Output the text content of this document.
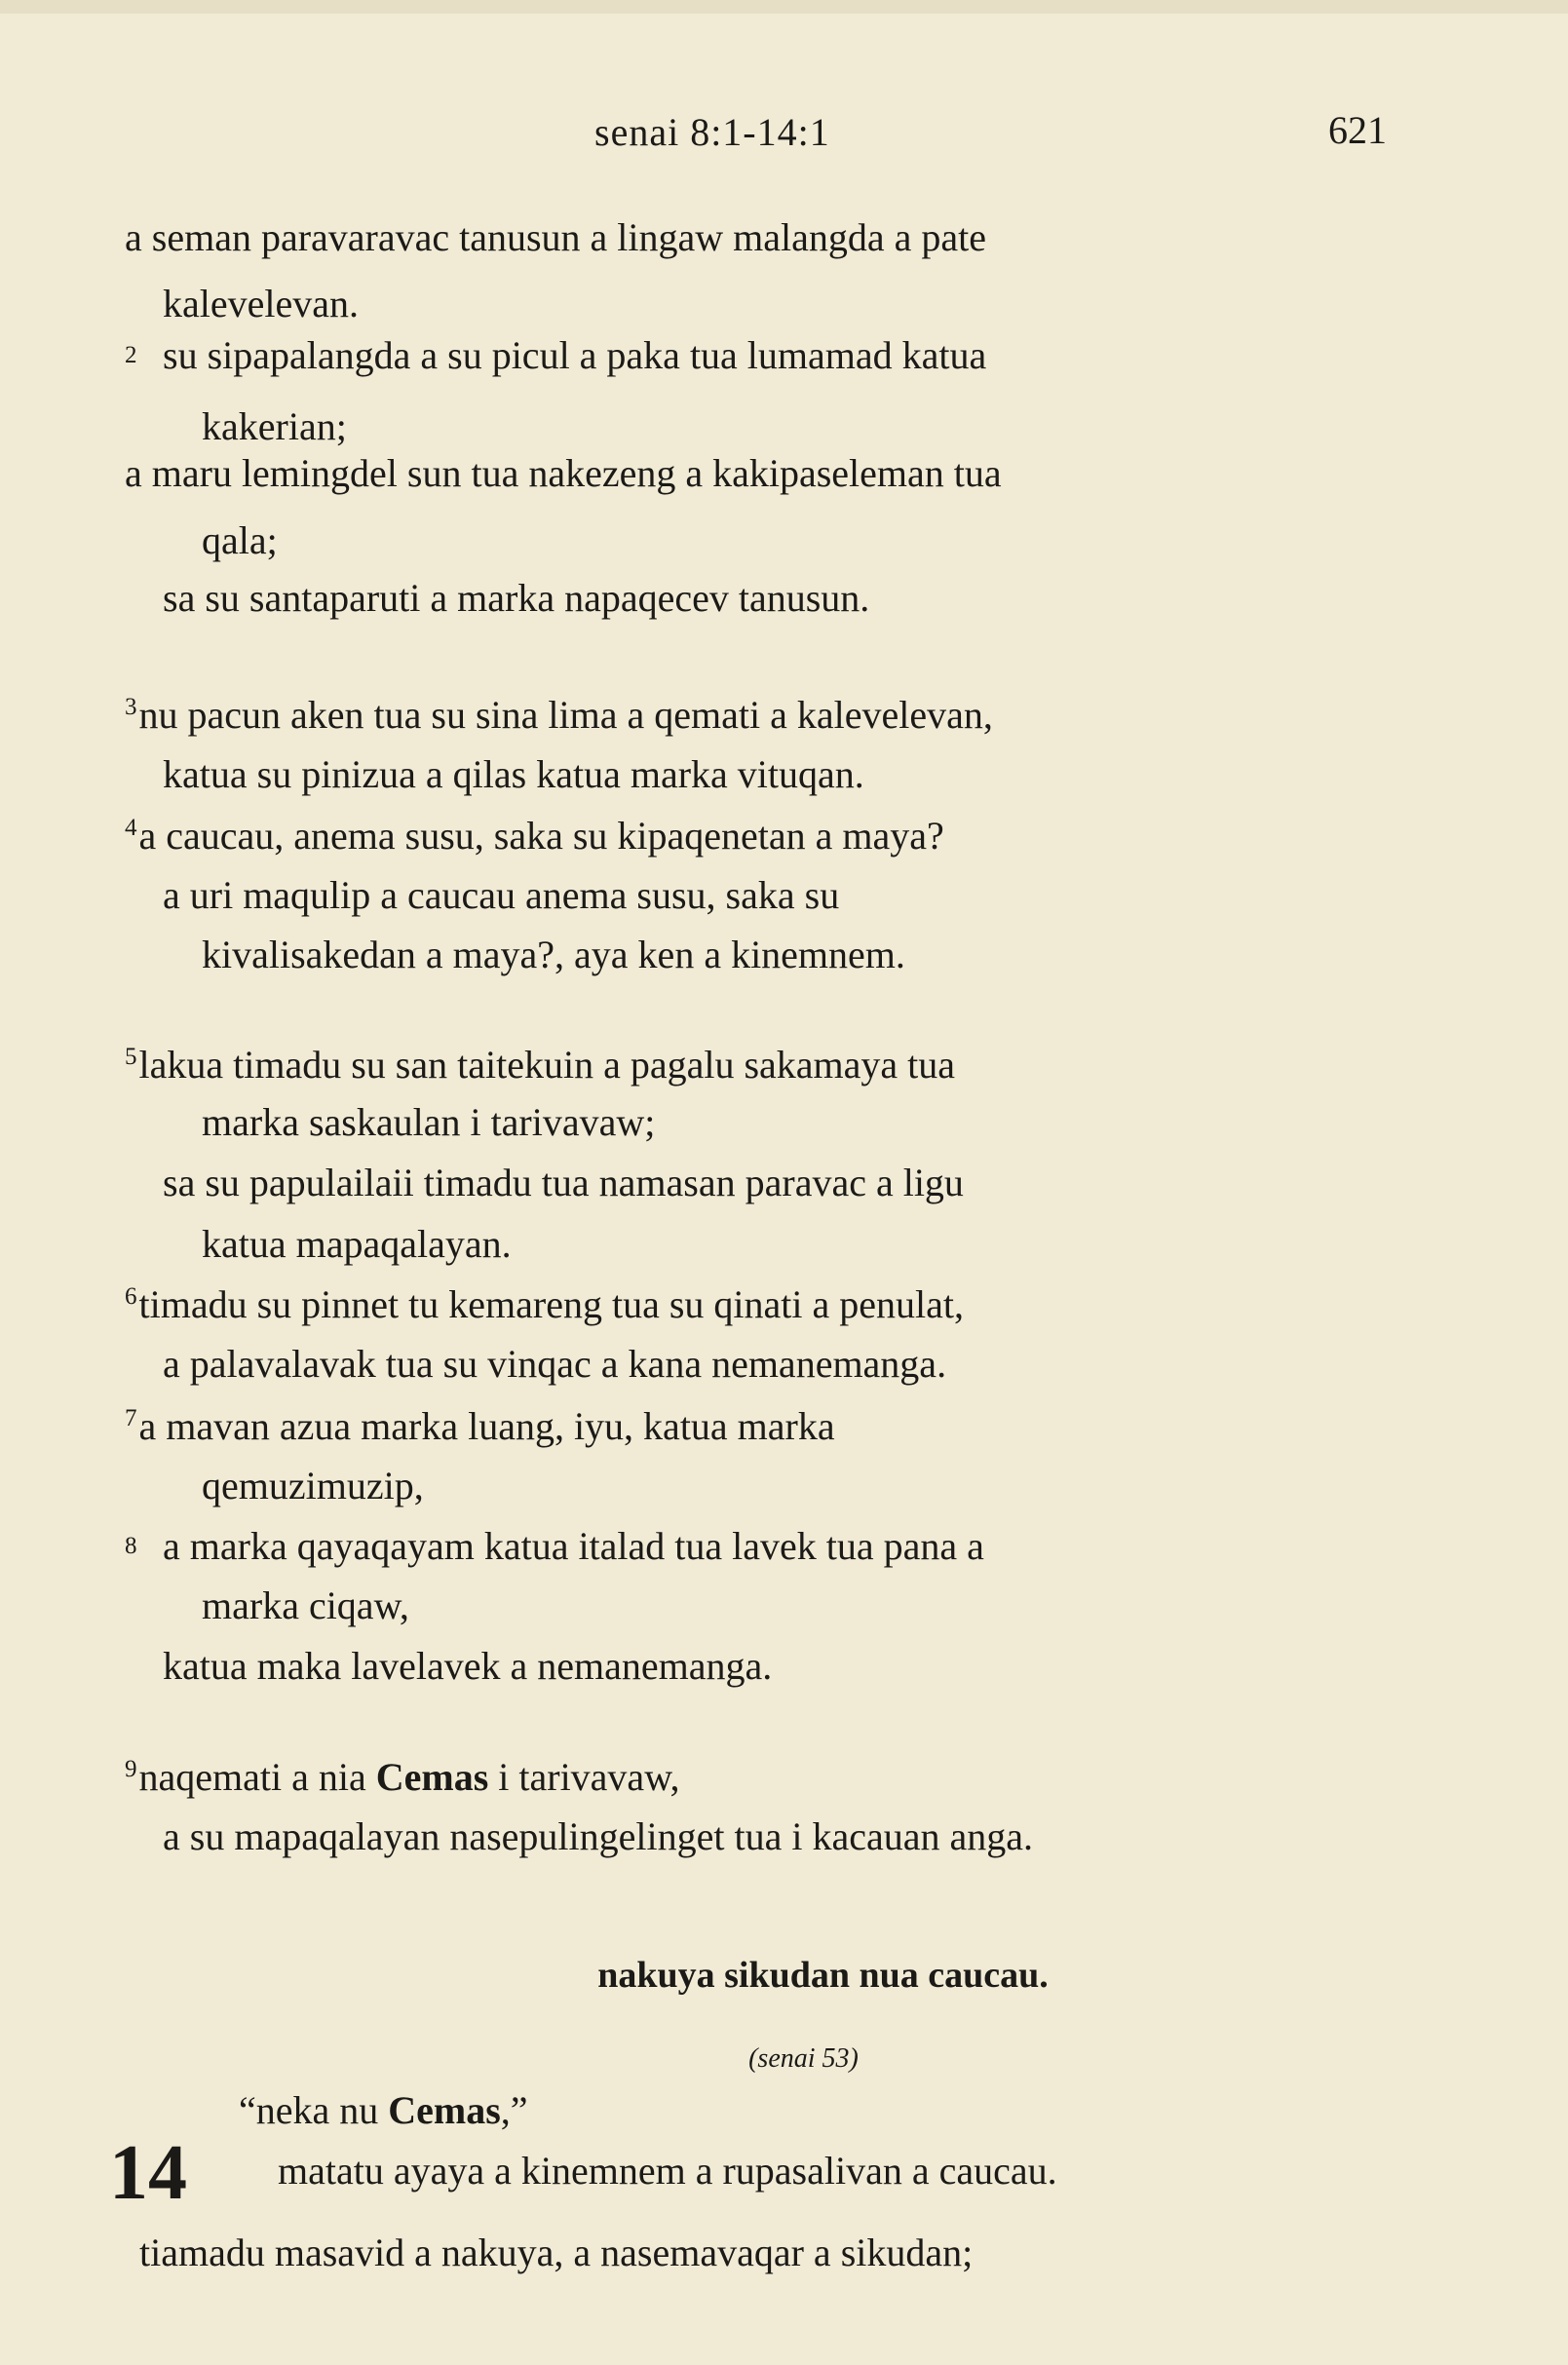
senai 8:1-14:1	621
a seman paravaravac tanusun a lingaw malangda a pate
kalevelevan.
2 su sipapalangda a su picul a paka tua lumamad katua
kakerian;
a maru lemingdel sun tua nakezeng a kakipaseleman tua
qala;
sa su santaparuti a marka napaqecev tanusun.
$^3$nu pacun aken tua su sina lima a qemati a kalevelevan,
katua su pinizua a qilas katua marka vituqan.
$^4$a caucau, anema susu, saka su kipaqenetan a maya?
a uri maqulip a caucau anema susu, saka su
kivalisakedan a maya?, aya ken a kinemnem.
$^5$lakua timadu su san taitekuin a pagalu sakamaya tua
marka saskaulan i tarivavaw;
sa su papulailaii timadu tua namasan paravac a ligu
katua mapaqalayan.
$^6$timadu su pinnet tu kemareng tua su qinati a penulat,
a palavalavak tua su vinqac a kana nemanemanga.
$^7$a mavan azua marka luang, iyu, katua marka
qemuzimuzip,
8 a marka qayaqayam katua italad tua lavek tua pana a
marka ciqaw,
katua maka lavelavek a nemanemanga.
$^9$naqemati a nia Cemas i tarivavaw,
a su mapaqalayan nasepulingelinget tua i kacauan anga.
nakuya sikudan nua caucau.
(senai 53)
“neka nu Cemas,”
14 matatu ayaya a kinemnem a rupasalivan a caucau.
tiamadu masavid a nakuya, a nasemavaqar a sikudan;
